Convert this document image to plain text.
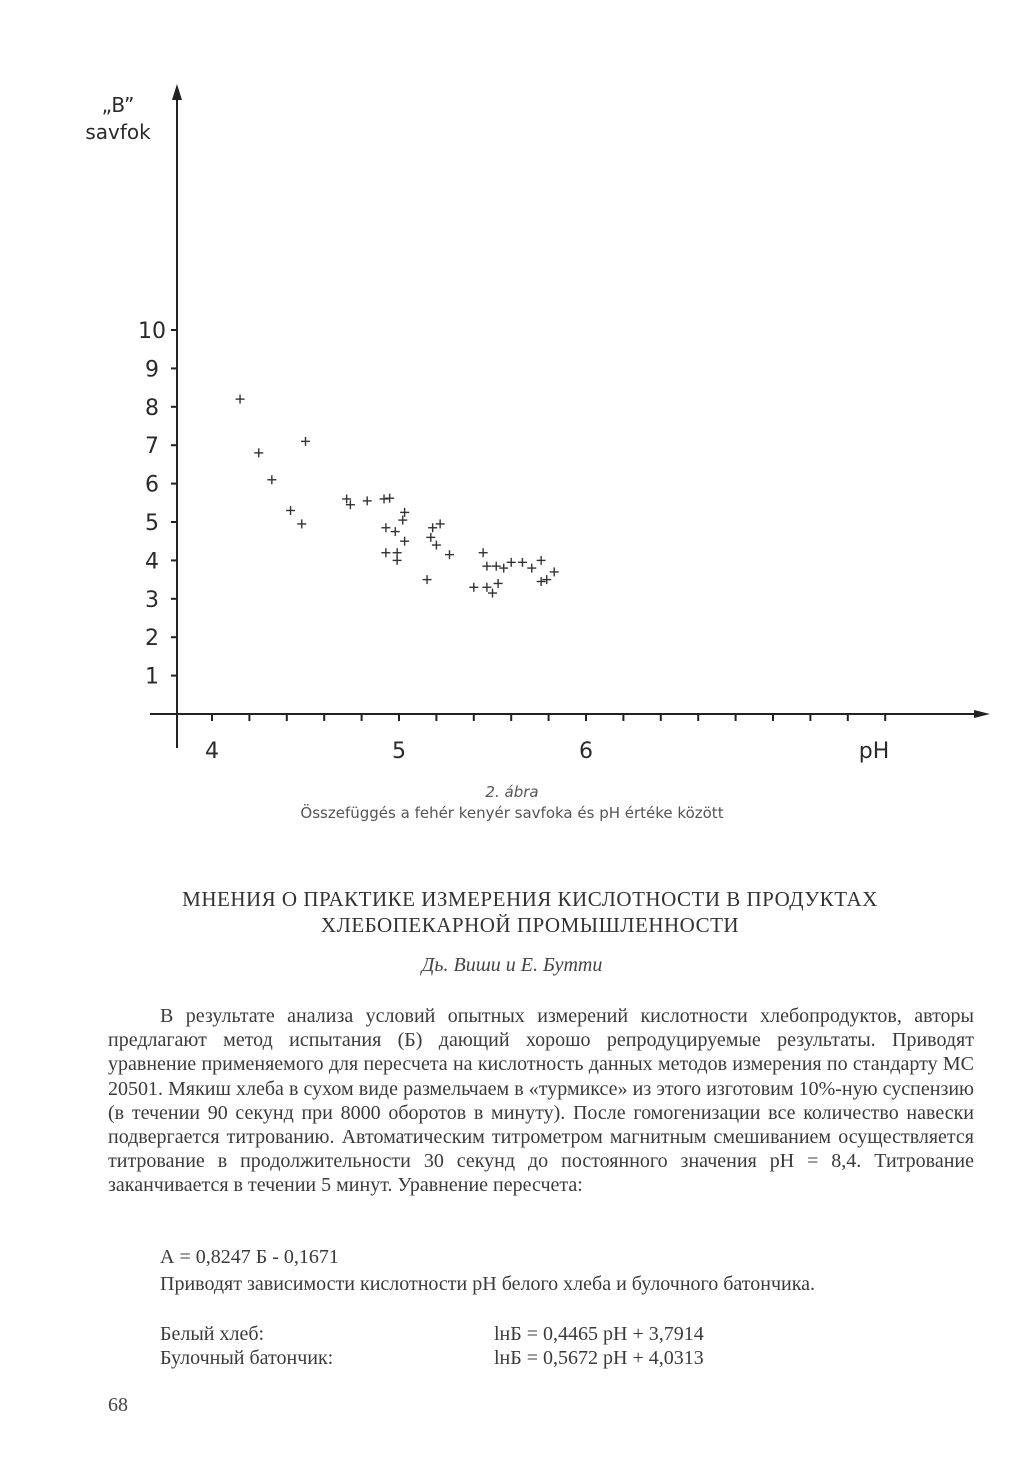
1
2
3
4
5
6
7
8
9
10
4	5	6
„B”
savfok
pH
2. ábra
Összefüggés a fehér kenyér savfoka és pH értéke között
МНЕНИЯ О ПРАКТИКЕ ИЗМЕРЕНИЯ КИСЛОТНОСТИ В ПРОДУКТАХ ХЛЕБОПЕКАРНОЙ ПРОМЫШЛЕННОСТИ
Дь. Виши и Е. Бутти

В результате анализа условий опытных измерений кислотности хлебопродуктов, авторы предлагают метод испытания (Б) дающий хорошо репродуцируемые результаты. Приводят уравнение применяемого для пересчета на кислотность данных методов измерения по стандарту МС 20501. Мякиш хлеба в сухом виде размельчаем в «турмиксе» из этого изготовим 10%-ную суспензию (в течении 90 секунд при 8000 оборотов в минуту). После гомогенизации все количество навески подвергается титрованию. Автоматическим титрометром магнитным смешиванием осуществляется титрование в продолжительности 30 секунд до постоянного значения pH = 8,4. Титрование заканчивается в течении 5 минут. Уравнение пересчета:

А = 0,8247 Б - 0,1671

Приводят зависимости кислотности pH белого хлеба и булочного батончика.

Белый хлеб:	lнБ = 0,4465 pH + 3,7914
Булочный батончик:	lнБ = 0,5672 pH + 4,0313
68
